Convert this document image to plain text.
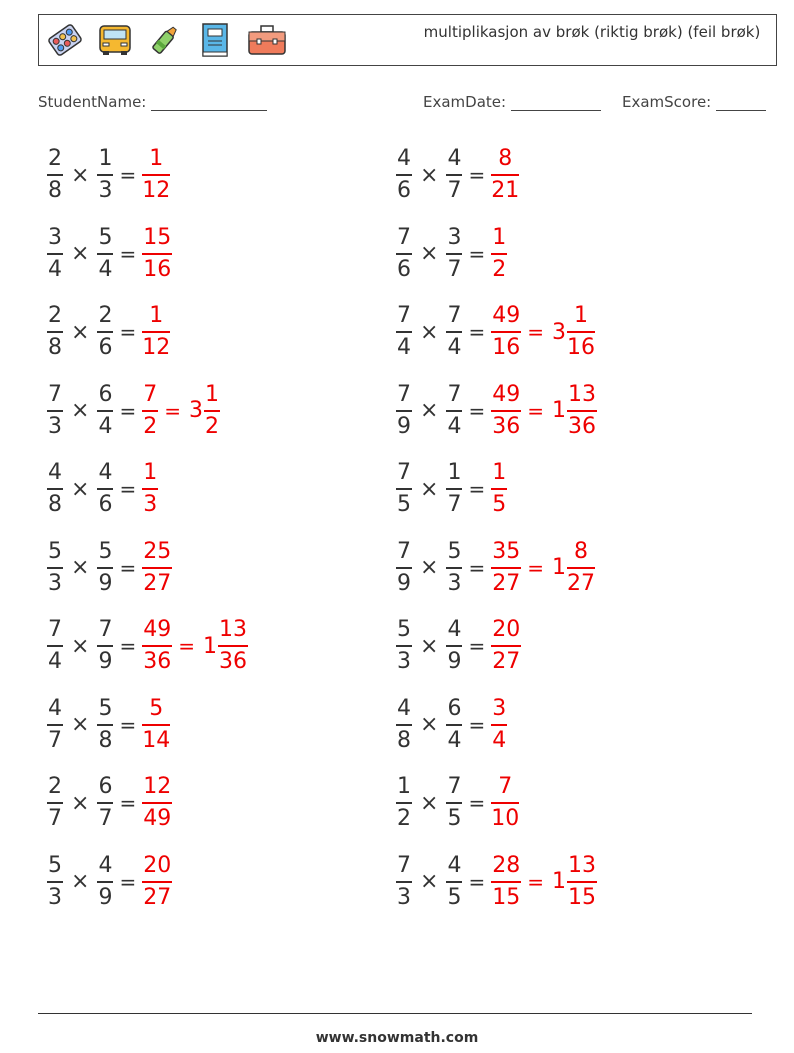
multiplikasjon av brøk (riktig brøk) (feil brøk)
StudentName:	ExamDate:	ExamScore:
$\frac{2}{8} \times \frac{1}{3} = \frac{1}{12}$	$\frac{4}{6} \times \frac{4}{7} = \frac{8}{21}$
$\frac{3}{4} \times \frac{5}{4} = \frac{15}{16}$	$\frac{7}{6} \times \frac{3}{7} = \frac{1}{2}$
$\frac{2}{8} \times \frac{2}{6} = \frac{1}{12}$	$\frac{7}{4} \times \frac{7}{4} = \frac{49}{16} = 3 \frac{1}{16}$
$\frac{7}{3} \times \frac{6}{4} = \frac{7}{2} = 3 \frac{1}{2}$	$\frac{7}{9} \times \frac{7}{4} = \frac{49}{36} = 1 \frac{13}{36}$
$\frac{4}{8} \times \frac{4}{6} = \frac{1}{3}$	$\frac{7}{5} \times \frac{1}{7} = \frac{1}{5}$
$\frac{5}{3} \times \frac{5}{9} = \frac{25}{27}$	$\frac{7}{9} \times \frac{5}{3} = \frac{35}{27} = 1 \frac{8}{27}$
$\frac{7}{4} \times \frac{7}{9} = \frac{49}{36} = 1 \frac{13}{36}$	$\frac{5}{3} \times \frac{4}{9} = \frac{20}{27}$
$\frac{4}{7} \times \frac{5}{8} = \frac{5}{14}$	$\frac{4}{8} \times \frac{6}{4} = \frac{3}{4}$
$\frac{2}{7} \times \frac{6}{7} = \frac{12}{49}$	$\frac{1}{2} \times \frac{7}{5} = \frac{7}{10}$
$\frac{5}{3} \times \frac{4}{9} = \frac{20}{27}$	$\frac{7}{3} \times \frac{4}{5} = \frac{28}{15} = 1 \frac{13}{15}$
www.snowmath.com
